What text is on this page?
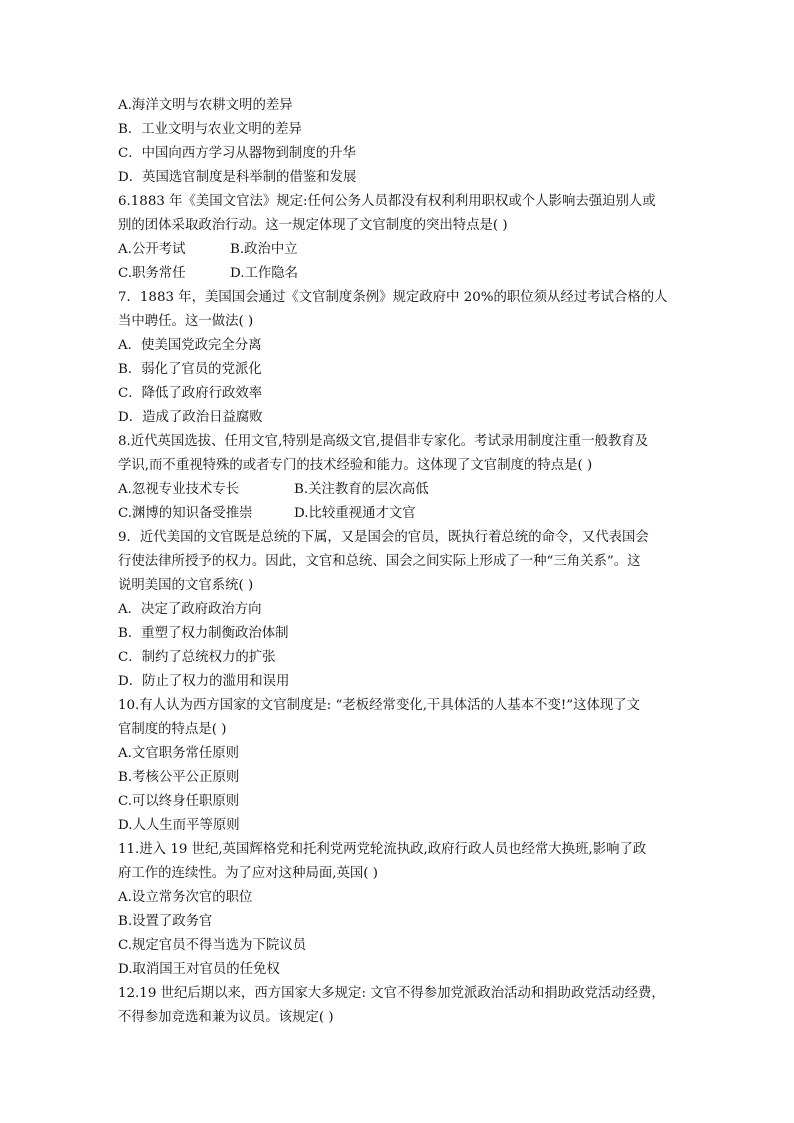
A.海洋文明与农耕文明的差异
B．工业文明与农业文明的差异
C．中国向西方学习从器物到制度的升华
D．英国选官制度是科举制的借鉴和发展
6.1883 年《美国文官法》规定:任何公务人员都没有权利利用职权或个人影响去强迫别人或
别的团体采取政治行动。这一规定体现了文官制度的突出特点是( )
A.公开考试	B.政治中立
C.职务常任	D.工作隐名
7．1883 年，美国国会通过《文官制度条例》规定政府中 20%的职位须从经过考试合格的人
当中聘任。这一做法( )
A．使美国党政完全分离
B．弱化了官员的党派化
C．降低了政府行政效率
D．造成了政治日益腐败
8.近代英国选拔、任用文官,特别是高级文官,提倡非专家化。考试录用制度注重一般教育及
学识,而不重视特殊的或者专门的技术经验和能力。这体现了文官制度的特点是( )
A.忽视专业技术专长	B.关注教育的层次高低
C.渊博的知识备受推崇	D.比较重视通才文官
9．近代美国的文官既是总统的下属，又是国会的官员，既执行着总统的命令，又代表国会
行使法律所授予的权力。因此，文官和总统、国会之间实际上形成了一种“三角关系”。这
说明美国的文官系统( )
A．决定了政府政治方向
B．重塑了权力制衡政治体制
C．制约了总统权力的扩张
D．防止了权力的滥用和误用
10.有人认为西方国家的文官制度是: “老板经常变化,干具体活的人基本不变!”这体现了文
官制度的特点是( )
A.文官职务常任原则
B.考核公平公正原则
C.可以终身任职原则
D.人人生而平等原则
11.进入 19 世纪,英国辉格党和托利党两党轮流执政,政府行政人员也经常大换班,影响了政
府工作的连续性。为了应对这种局面,英国( )
A.设立常务次官的职位
B.设置了政务官
C.规定官员不得当选为下院议员
D.取消国王对官员的任免权
12.19 世纪后期以来，西方国家大多规定: 文官不得参加党派政治活动和捐助政党活动经费，
不得参加竞选和兼为议员。该规定( )
